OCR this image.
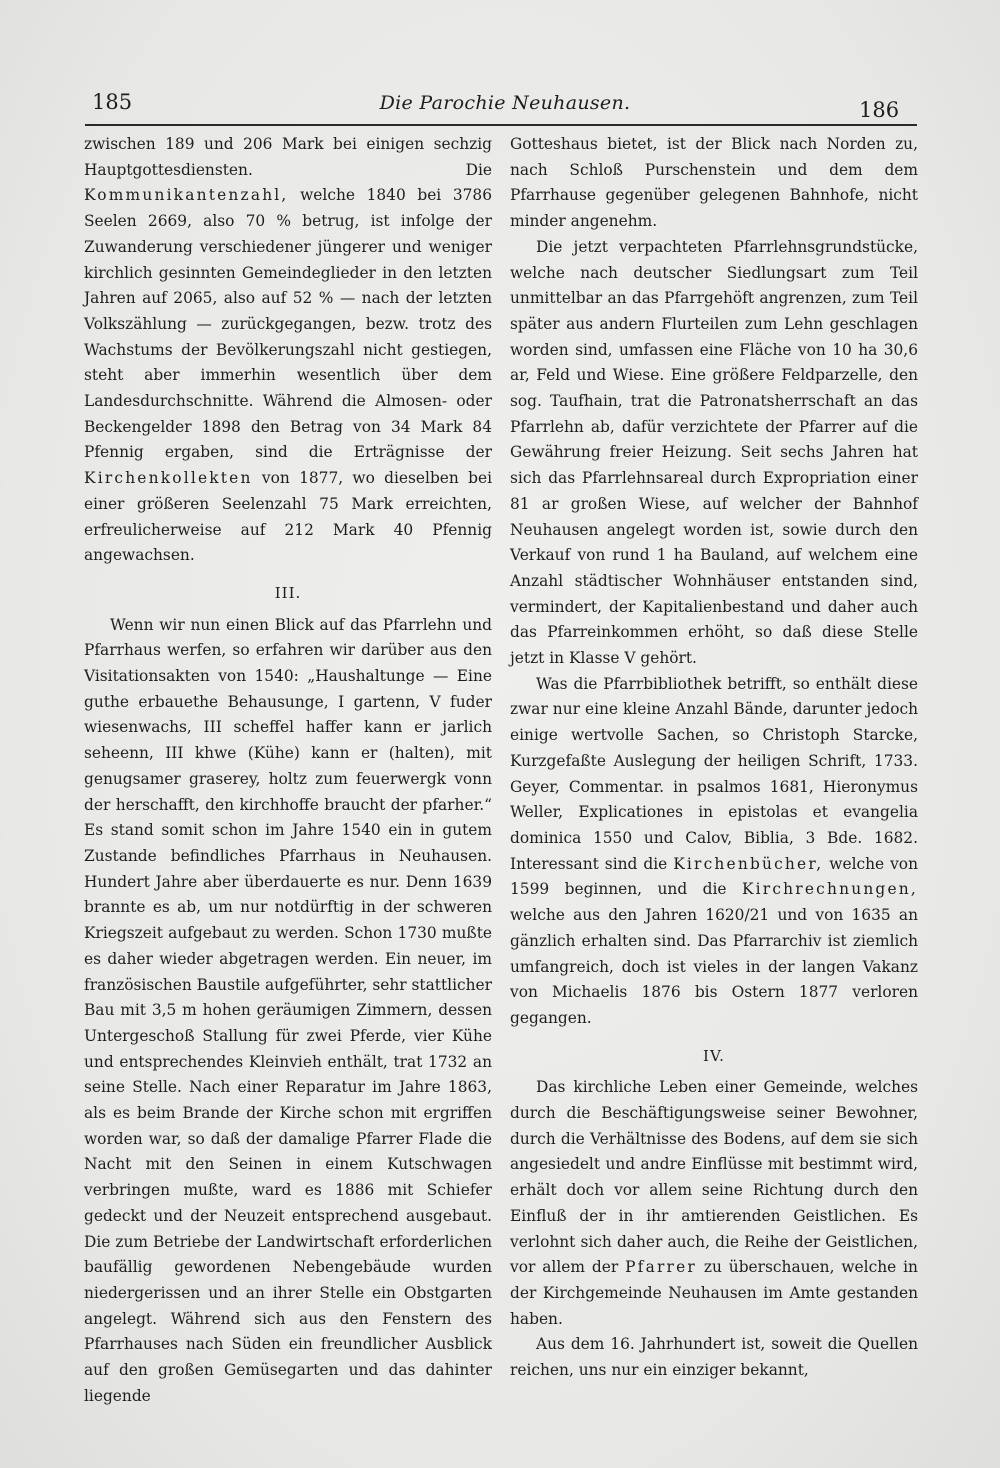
185	Die Parochie Neuhausen.	186

zwischen 189 und 206 Mark bei einigen sechzig Hauptgottesdiensten. Die Kommunikantenzahl, welche 1840 bei 3786 Seelen 2669, also 70 % betrug, ist infolge der Zuwanderung verschiedener jüngerer und weniger kirchlich gesinnten Gemeindeglieder in den letzten Jahren auf 2065, also auf 52 % — nach der letzten Volkszählung — zurückgegangen, bezw. trotz des Wachstums der Bevölkerungszahl nicht gestiegen, steht aber immerhin wesentlich über dem Landesdurchschnitte. Während die Almosen- oder Beckengelder 1898 den Betrag von 34 Mark 84 Pfennig ergaben, sind die Erträgnisse der Kirchenkollekten von 1877, wo dieselben bei einer größeren Seelenzahl 75 Mark erreichten, erfreulicherweise auf 212 Mark 40 Pfennig angewachsen.

III.

Wenn wir nun einen Blick auf das Pfarrlehn und Pfarrhaus werfen, so erfahren wir darüber aus den Visitationsakten von 1540: „Haushaltunge — Eine guthe erbauethe Behausunge, I gartenn, V fuder wiesenwachs, III scheffel haffer kann er jarlich seheenn, III khwe (Kühe) kann er (halten), mit genugsamer graserey, holtz zum feuerwergk vonn der herschafft, den kirchhoffe braucht der pfarher.“ Es stand somit schon im Jahre 1540 ein in gutem Zustande befindliches Pfarrhaus in Neuhausen. Hundert Jahre aber überdauerte es nur. Denn 1639 brannte es ab, um nur notdürftig in der schweren Kriegszeit aufgebaut zu werden. Schon 1730 mußte es daher wieder abgetragen werden. Ein neuer, im französischen Baustile aufgeführter, sehr stattlicher Bau mit 3,5 m hohen geräumigen Zimmern, dessen Untergeschoß Stallung für zwei Pferde, vier Kühe und entsprechendes Kleinvieh enthält, trat 1732 an seine Stelle. Nach einer Reparatur im Jahre 1863, als es beim Brande der Kirche schon mit ergriffen worden war, so daß der damalige Pfarrer Flade die Nacht mit den Seinen in einem Kutschwagen verbringen mußte, ward es 1886 mit Schiefer gedeckt und der Neuzeit entsprechend ausgebaut. Die zum Betriebe der Landwirtschaft erforderlichen baufällig gewordenen Nebengebäude wurden niedergerissen und an ihrer Stelle ein Obstgarten angelegt. Während sich aus den Fenstern des Pfarrhauses nach Süden ein freundlicher Ausblick auf den großen Gemüsegarten und das dahinter liegende

Gotteshaus bietet, ist der Blick nach Norden zu, nach Schloß Purschenstein und dem dem Pfarrhause gegenüber gelegenen Bahnhofe, nicht minder angenehm.

Die jetzt verpachteten Pfarrlehnsgrundstücke, welche nach deutscher Siedlungsart zum Teil unmittelbar an das Pfarrgehöft angrenzen, zum Teil später aus andern Flurteilen zum Lehn geschlagen worden sind, umfassen eine Fläche von 10 ha 30,6 ar, Feld und Wiese. Eine größere Feldparzelle, den sog. Taufhain, trat die Patronatsherrschaft an das Pfarrlehn ab, dafür verzichtete der Pfarrer auf die Gewährung freier Heizung. Seit sechs Jahren hat sich das Pfarrlehnsareal durch Expropriation einer 81 ar großen Wiese, auf welcher der Bahnhof Neuhausen angelegt worden ist, sowie durch den Verkauf von rund 1 ha Bauland, auf welchem eine Anzahl städtischer Wohnhäuser entstanden sind, vermindert, der Kapitalienbestand und daher auch das Pfarreinkommen erhöht, so daß diese Stelle jetzt in Klasse V gehört.

Was die Pfarrbibliothek betrifft, so enthält diese zwar nur eine kleine Anzahl Bände, darunter jedoch einige wertvolle Sachen, so Christoph Starcke, Kurzgefaßte Auslegung der heiligen Schrift, 1733. Geyer, Commentar. in psalmos 1681, Hieronymus Weller, Explicationes in epistolas et evangelia dominica 1550 und Calov, Biblia, 3 Bde. 1682. Interessant sind die Kirchenbücher, welche von 1599 beginnen, und die Kirchrechnungen, welche aus den Jahren 1620/21 und von 1635 an gänzlich erhalten sind. Das Pfarrarchiv ist ziemlich umfangreich, doch ist vieles in der langen Vakanz von Michaelis 1876 bis Ostern 1877 verloren gegangen.

IV.

Das kirchliche Leben einer Gemeinde, welches durch die Beschäftigungsweise seiner Bewohner, durch die Verhältnisse des Bodens, auf dem sie sich angesiedelt und andre Einflüsse mit bestimmt wird, erhält doch vor allem seine Richtung durch den Einfluß der in ihr amtierenden Geistlichen. Es verlohnt sich daher auch, die Reihe der Geistlichen, vor allem der Pfarrer zu überschauen, welche in der Kirchgemeinde Neuhausen im Amte gestanden haben.

Aus dem 16. Jahrhundert ist, soweit die Quellen reichen, uns nur ein einziger bekannt,
